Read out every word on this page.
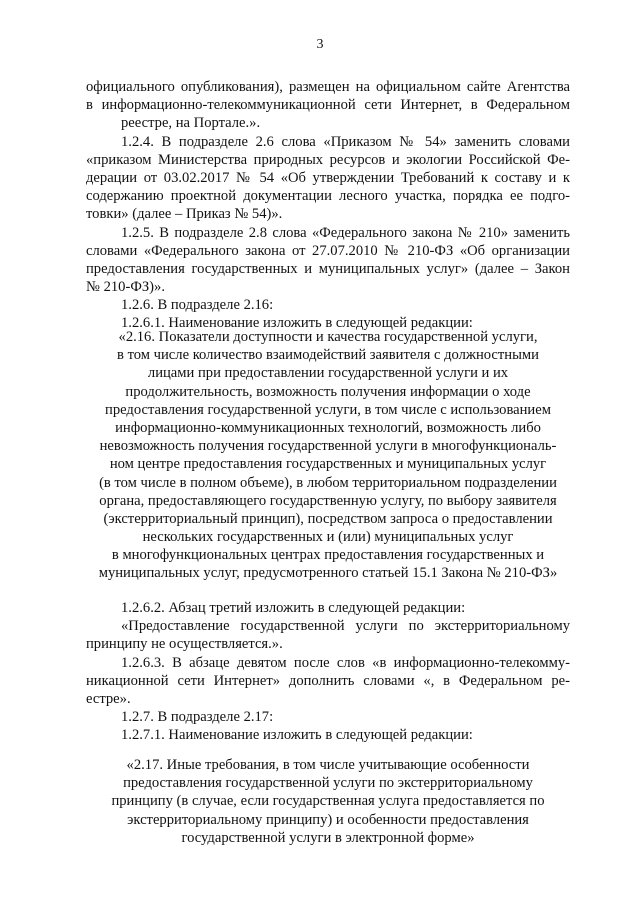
3
официального опубликования), размещен на официальном сайте Агентства
в информационно-телекоммуникационной сети Интернет, в Федеральном
реестре, на Портале.».
1.2.4. В подразделе 2.6 слова «Приказом № 54» заменить словами
«приказом Министерства природных ресурсов и экологии Российской Фе-
дерации от 03.02.2017 № 54 «Об утверждении Требований к составу и к
содержанию проектной документации лесного участка, порядка ее подго-
товки» (далее – Приказ № 54)».
1.2.5. В подразделе 2.8 слова «Федерального закона № 210» заменить
словами «Федерального закона от 27.07.2010 № 210-ФЗ «Об организации
предоставления государственных и муниципальных услуг» (далее – Закон
№ 210-ФЗ)».
1.2.6. В подразделе 2.16:
1.2.6.1. Наименование изложить в следующей редакции:
«2.16. Показатели доступности и качества государственной услуги,
в том числе количество взаимодействий заявителя с должностными
лицами при предоставлении государственной услуги и их
продолжительность, возможность получения информации о ходе
предоставления государственной услуги, в том числе с использованием
информационно-коммуникационных технологий, возможность либо
невозможность получения государственной услуги в многофункциональ-
ном центре предоставления государственных и муниципальных услуг
(в том числе в полном объеме), в любом территориальном подразделении
органа, предоставляющего государственную услугу, по выбору заявителя
(экстерриториальный принцип), посредством запроса о предоставлении
нескольких государственных и (или) муниципальных услуг
в многофункциональных центрах предоставления государственных и
муниципальных услуг, предусмотренного статьей 15.1 Закона № 210-ФЗ»
1.2.6.2. Абзац третий изложить в следующей редакции:
«Предоставление государственной услуги по экстерриториальному
принципу не осуществляется.».
1.2.6.3. В абзаце девятом после слов «в информационно-телекомму-
никационной сети Интернет» дополнить словами «, в Федеральном ре-
естре».
1.2.7. В подразделе 2.17:
1.2.7.1. Наименование изложить в следующей редакции:
«2.17. Иные требования, в том числе учитывающие особенности
предоставления государственной услуги по экстерриториальному
принципу (в случае, если государственная услуга предоставляется по
экстерриториальному принципу) и особенности предоставления
государственной услуги в электронной форме»
